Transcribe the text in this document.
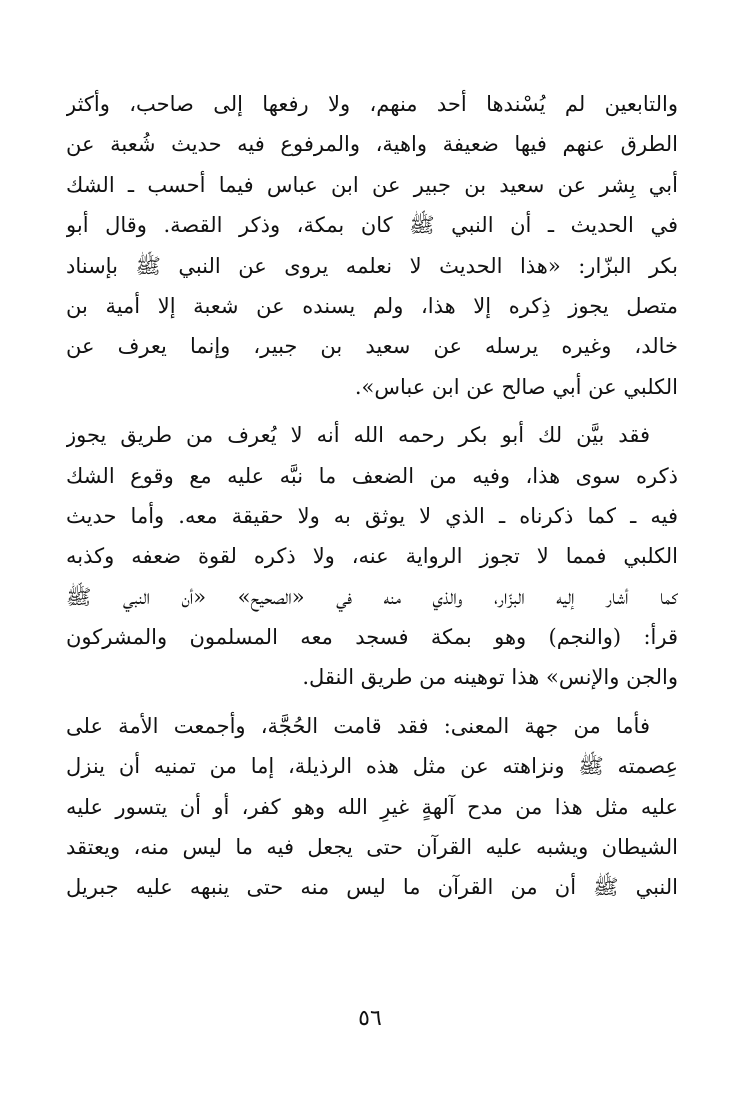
والتابعين لم يُسْندها أحد منهم، ولا رفعها إلى صاحب، وأكثر
الطرق عنهم فيها ضعيفة واهية، والمرفوع فيه حديث شُعبة عن
أبي بِشر عن سعيد بن جبير عن ابن عباس فيما أحسب ـ الشك
في الحديث ـ أن النبي ﷺ كان بمكة، وذكر القصة. وقال أبو
بكر البزّار: «هذا الحديث لا نعلمه يروى عن النبي ﷺ بإسناد
متصل يجوز ذِكره إلا هذا، ولم يسنده عن شعبة إلا أمية بن
خالد، وغيره يرسله عن سعيد بن جبير، وإنما يعرف عن
الكلبي عن أبي صالح عن ابن عباس».
فقد بيَّن لك أبو بكر رحمه الله أنه لا يُعرف من طريق يجوز
ذكره سوى هذا، وفيه من الضعف ما نبَّه عليه مع وقوع الشك
فيه ـ كما ذكرناه ـ الذي لا يوثق به ولا حقيقة معه. وأما حديث
الكلبي فمما لا تجوز الرواية عنه، ولا ذكره لقوة ضعفه وكذبه
كما أشار إليه البزّار، والذي منه في «الصحيح» «أن النبي ﷺ
قرأ: (والنجم) وهو بمكة فسجد معه المسلمون والمشركون
والجن والإنس» هذا توهينه من طريق النقل.
فأما من جهة المعنى: فقد قامت الحُجَّة، وأجمعت الأمة على
عِصمته ﷺ ونزاهته عن مثل هذه الرذيلة، إما من تمنيه أن ينزل
عليه مثل هذا من مدح آلهةٍ غيرِ الله وهو كفر، أو أن يتسور عليه
الشيطان ويشبه عليه القرآن حتى يجعل فيه ما ليس منه، ويعتقد
النبي ﷺ أن من القرآن ما ليس منه حتى ينبهه عليه جبريل
٥٦
